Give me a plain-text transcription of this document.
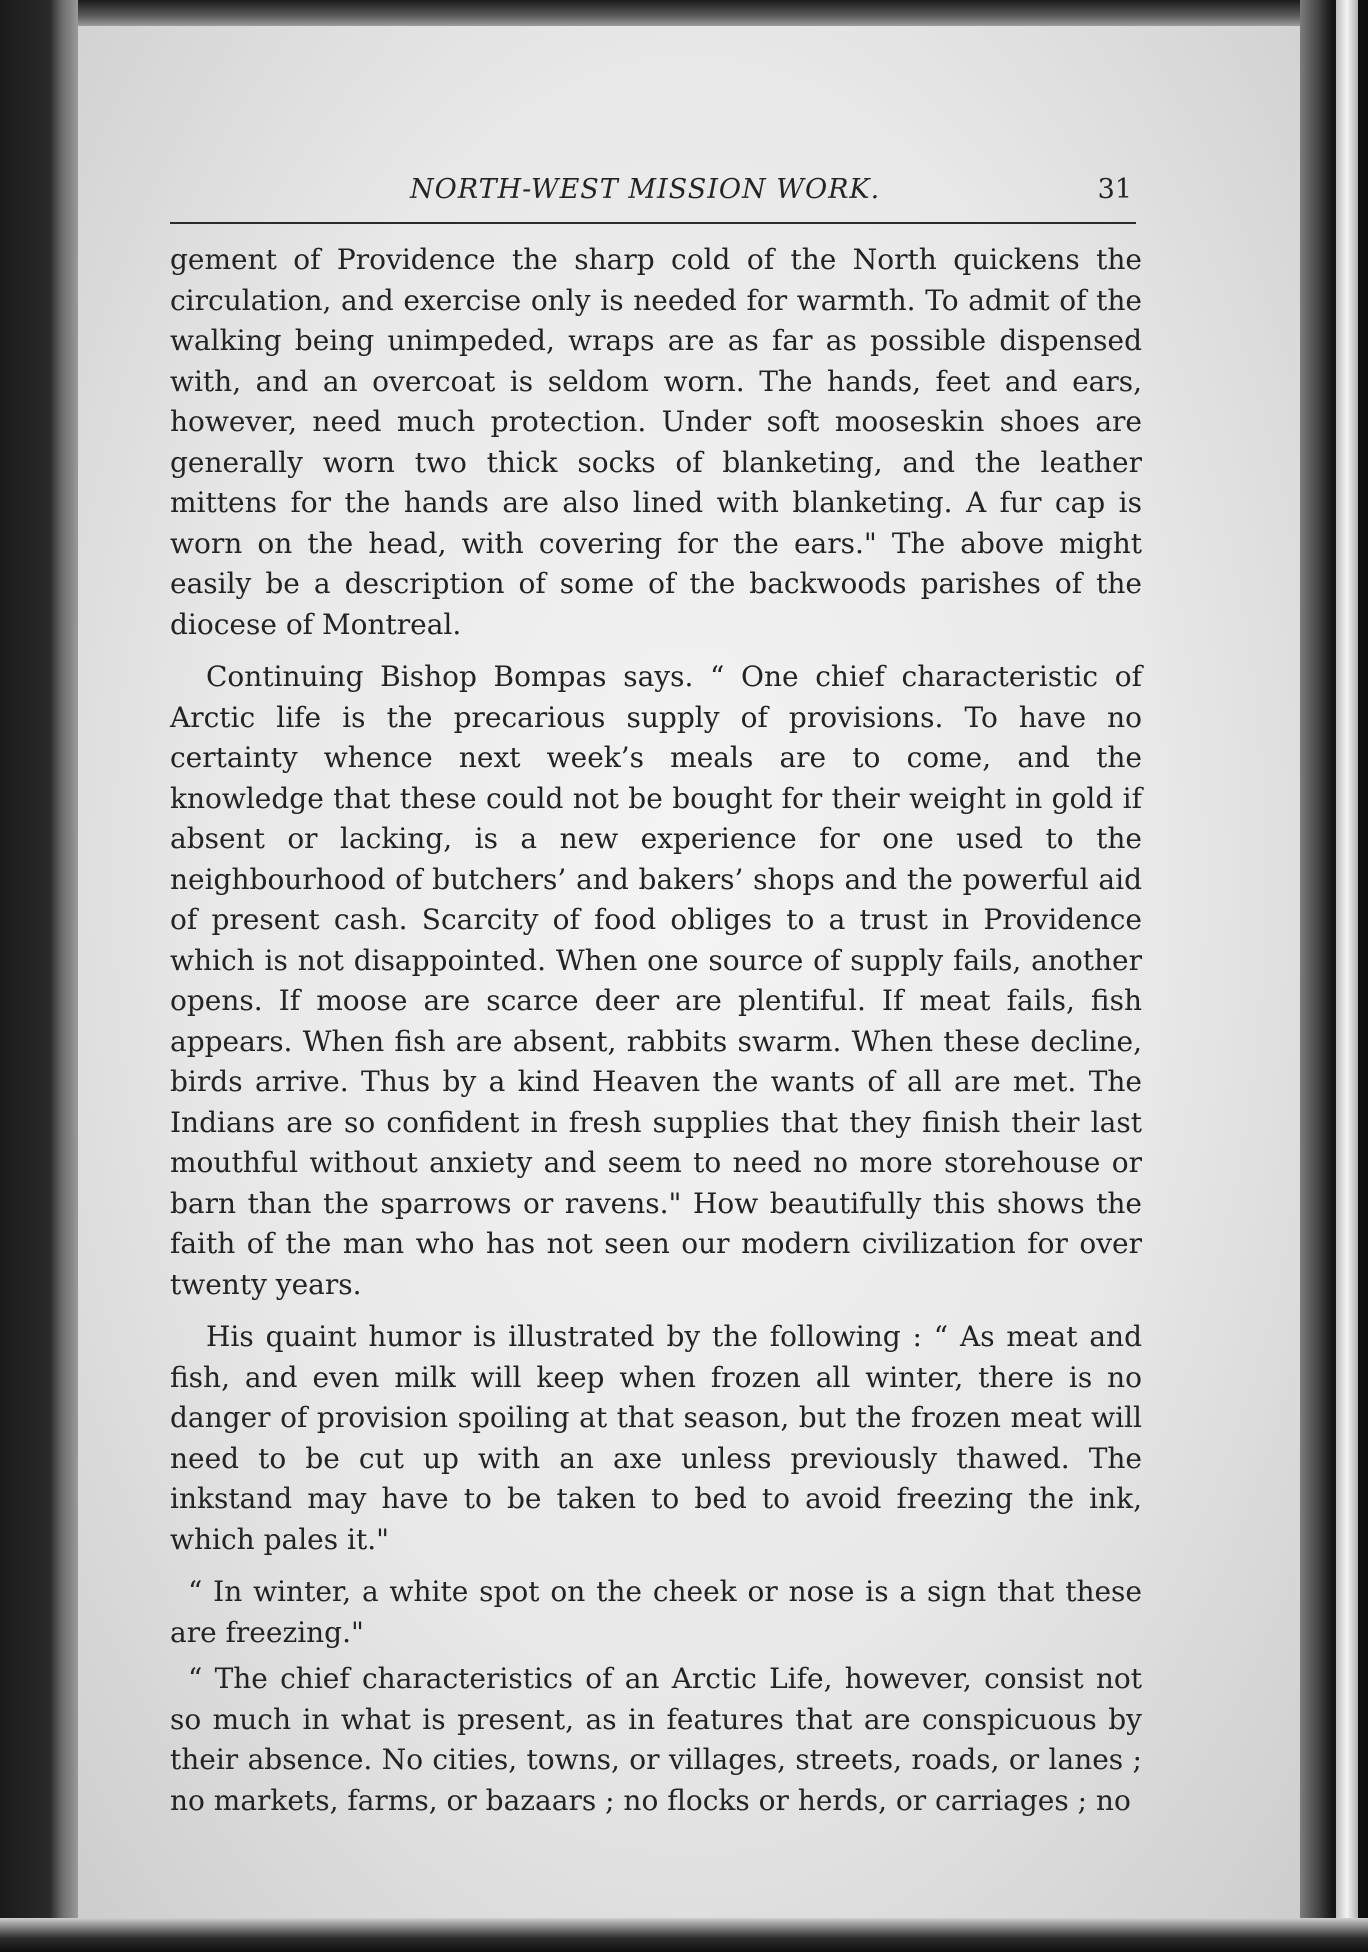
NORTH-WEST MISSION WORK.	31

gement of Providence the sharp cold of the North quickens the circulation, and exercise only is needed for warmth. To admit of the walking being unimpeded, wraps are as far as possible dispensed with, and an overcoat is seldom worn. The hands, feet and ears, however, need much protection. Under soft mooseskin shoes are generally worn two thick socks of blanketing, and the leather mittens for the hands are also lined with blanketing. A fur cap is worn on the head, with covering for the ears." The above might easily be a description of some of the backwoods parishes of the diocese of Montreal.

Continuing Bishop Bompas says. “ One chief characteristic of Arctic life is the precarious supply of provisions. To have no certainty whence next week’s meals are to come, and the knowledge that these could not be bought for their weight in gold if absent or lacking, is a new experience for one used to the neighbourhood of butchers’ and bakers’ shops and the powerful aid of present cash. Scarcity of food obliges to a trust in Providence which is not disappointed. When one source of supply fails, another opens. If moose are scarce deer are plentiful. If meat fails, fish appears. When fish are absent, rabbits swarm. When these decline, birds arrive. Thus by a kind Heaven the wants of all are met. The Indians are so confident in fresh supplies that they finish their last mouthful without anxiety and seem to need no more storehouse or barn than the sparrows or ravens." How beautifully this shows the faith of the man who has not seen our modern civilization for over twenty years.

His quaint humor is illustrated by the following : “ As meat and fish, and even milk will keep when frozen all winter, there is no danger of provision spoiling at that season, but the frozen meat will need to be cut up with an axe unless previously thawed. The inkstand may have to be taken to bed to avoid freezing the ink, which pales it."

“ In winter, a white spot on the cheek or nose is a sign that these are freezing."

“ The chief characteristics of an Arctic Life, however, consist not so much in what is present, as in features that are conspicuous by their absence. No cities, towns, or villages, streets, roads, or lanes ; no markets, farms, or bazaars ; no flocks or herds, or carriages ; no
